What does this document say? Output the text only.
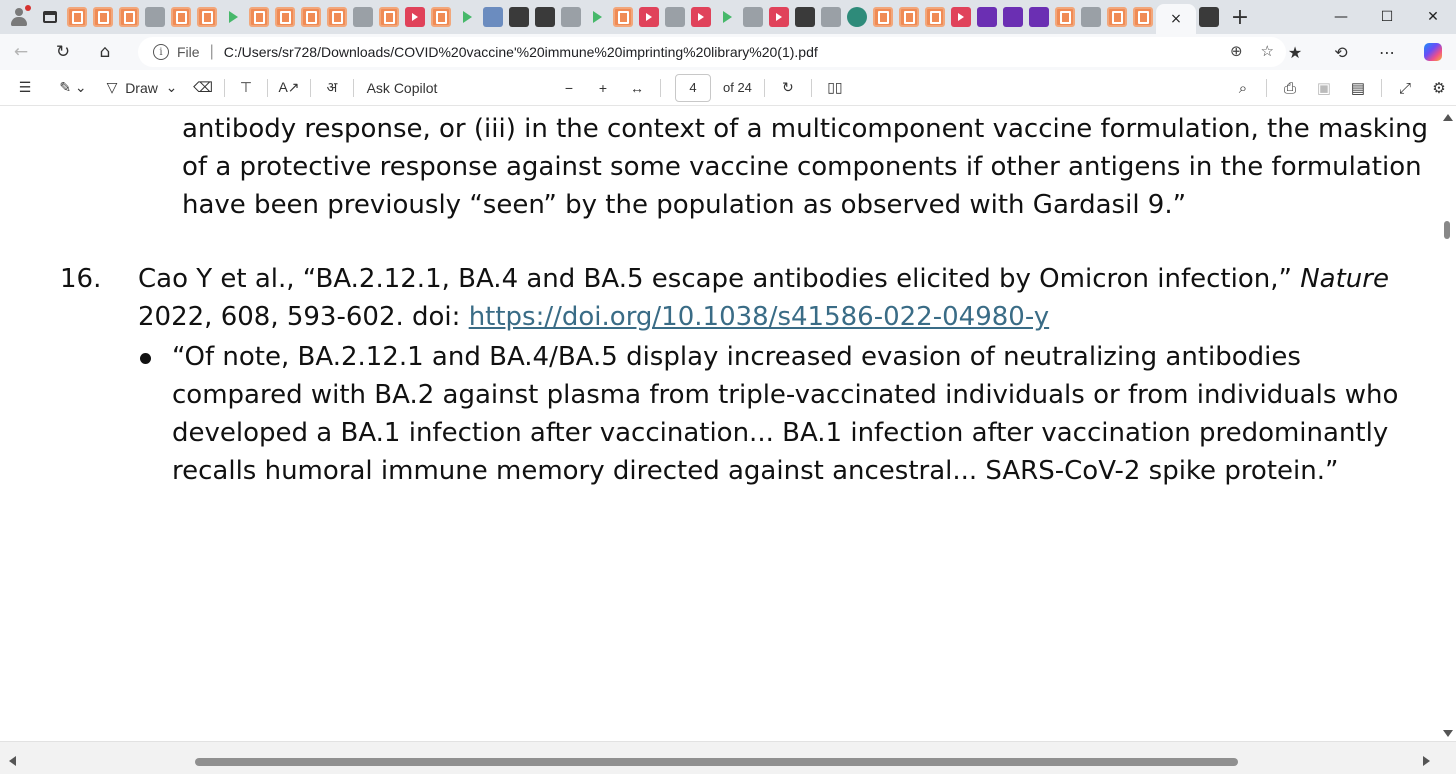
×	+	—	☐	✕
←	↻	⌂	i	File | C:/Users/sr728/Downloads/COVID%20vaccine'%20immune%20imprinting%20library%20(1).pdf	⊕ ☆ ★	⟲	⋯
☰	✎ ⌄	▽
Draw
⌄	⌫	⊤	A↗	अ	Ask Copilot	−	+	↔	4	of 24	↻	▯▯	⌕	⎙	▣	▤	⤢	⚙
antibody response, or (iii) in the context of a multicomponent vaccine formulation, the masking
of a protective response against some vaccine components if other antigens in the formulation
have been previously “seen” by the population as observed with Gardasil 9.”
16. Cao Y et al., “BA.2.12.1, BA.4 and BA.5 escape antibodies elicited by Omicron infection,” Nature
2022, 608, 593-602. doi: https://doi.org/10.1038/s41586-022-04980-y
“Of note, BA.2.12.1 and BA.4/BA.5 display increased evasion of neutralizing antibodies
compared with BA.2 against plasma from triple-vaccinated individuals or from individuals who
developed a BA.1 infection after vaccination... BA.1 infection after vaccination predominantly
recalls humoral immune memory directed against ancestral... SARS-CoV-2 spike protein.”
